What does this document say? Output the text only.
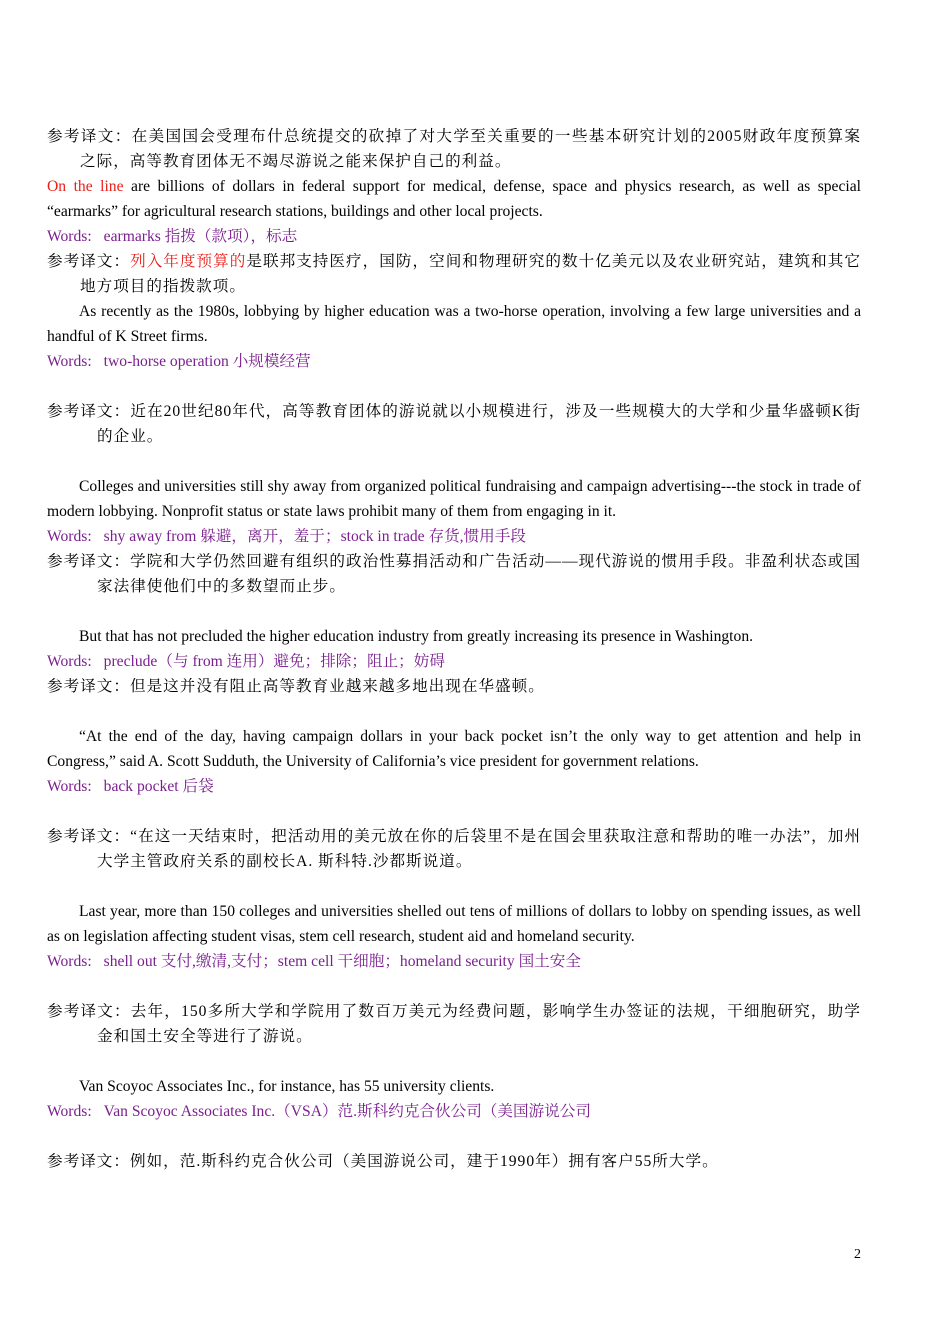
参考译文：在美国国会受理布什总统提交的砍掉了对大学至关重要的一些基本研究计划的2005财政年度预算案之际，高等教育团体无不竭尽游说之能来保护自己的利益。

On the line are billions of dollars in federal support for medical, defense, space and physics research, as well as special “earmarks” for agricultural research stations, buildings and other local projects.

Words: earmarks 指拨（款项），标志

参考译文：列入年度预算的是联邦支持医疗，国防，空间和物理研究的数十亿美元以及农业研究站，建筑和其它地方项目的指拨款项。

As recently as the 1980s, lobbying by higher education was a two-horse operation, involving a few large universities and a handful of K Street firms.

Words: two-horse operation 小规模经营

参考译文：近在20世纪80年代，高等教育团体的游说就以小规模进行，涉及一些规模大的大学和少量华盛顿K街的企业。

Colleges and universities still shy away from organized political fundraising and campaign advertising---the stock in trade of modern lobbying. Nonprofit status or state laws prohibit many of them from engaging in it.

Words: shy away from 躲避，离开，羞于；stock in trade 存货,惯用手段

参考译文：学院和大学仍然回避有组织的政治性募捐活动和广告活动——现代游说的惯用手段。非盈利状态或国家法律使他们中的多数望而止步。

But that has not precluded the higher education industry from greatly increasing its presence in Washington.

Words: preclude（与 from 连用）避免；排除；阻止；妨碍

参考译文：但是这并没有阻止高等教育业越来越多地出现在华盛顿。

“At the end of the day, having campaign dollars in your back pocket isn’t the only way to get attention and help in Congress,” said A. Scott Sudduth, the University of California’s vice president for government relations.

Words: back pocket 后袋

参考译文：“在这一天结束时，把活动用的美元放在你的后袋里不是在国会里获取注意和帮助的唯一办法”，加州大学主管政府关系的副校长A. 斯科特.沙都斯说道。

Last year, more than 150 colleges and universities shelled out tens of millions of dollars to lobby on spending issues, as well as on legislation affecting student visas, stem cell research, student aid and homeland security.

Words: shell out 支付,缴清,支付；stem cell 干细胞；homeland security 国土安全

参考译文：去年，150多所大学和学院用了数百万美元为经费问题，影响学生办签证的法规，干细胞研究，助学金和国土安全等进行了游说。

Van Scoyoc Associates Inc., for instance, has 55 university clients.

Words: Van Scoyoc Associates Inc.（VSA）范.斯科约克合伙公司（美国游说公司

参考译文：例如，范.斯科约克合伙公司（美国游说公司，建于1990年）拥有客户55所大学。

2
